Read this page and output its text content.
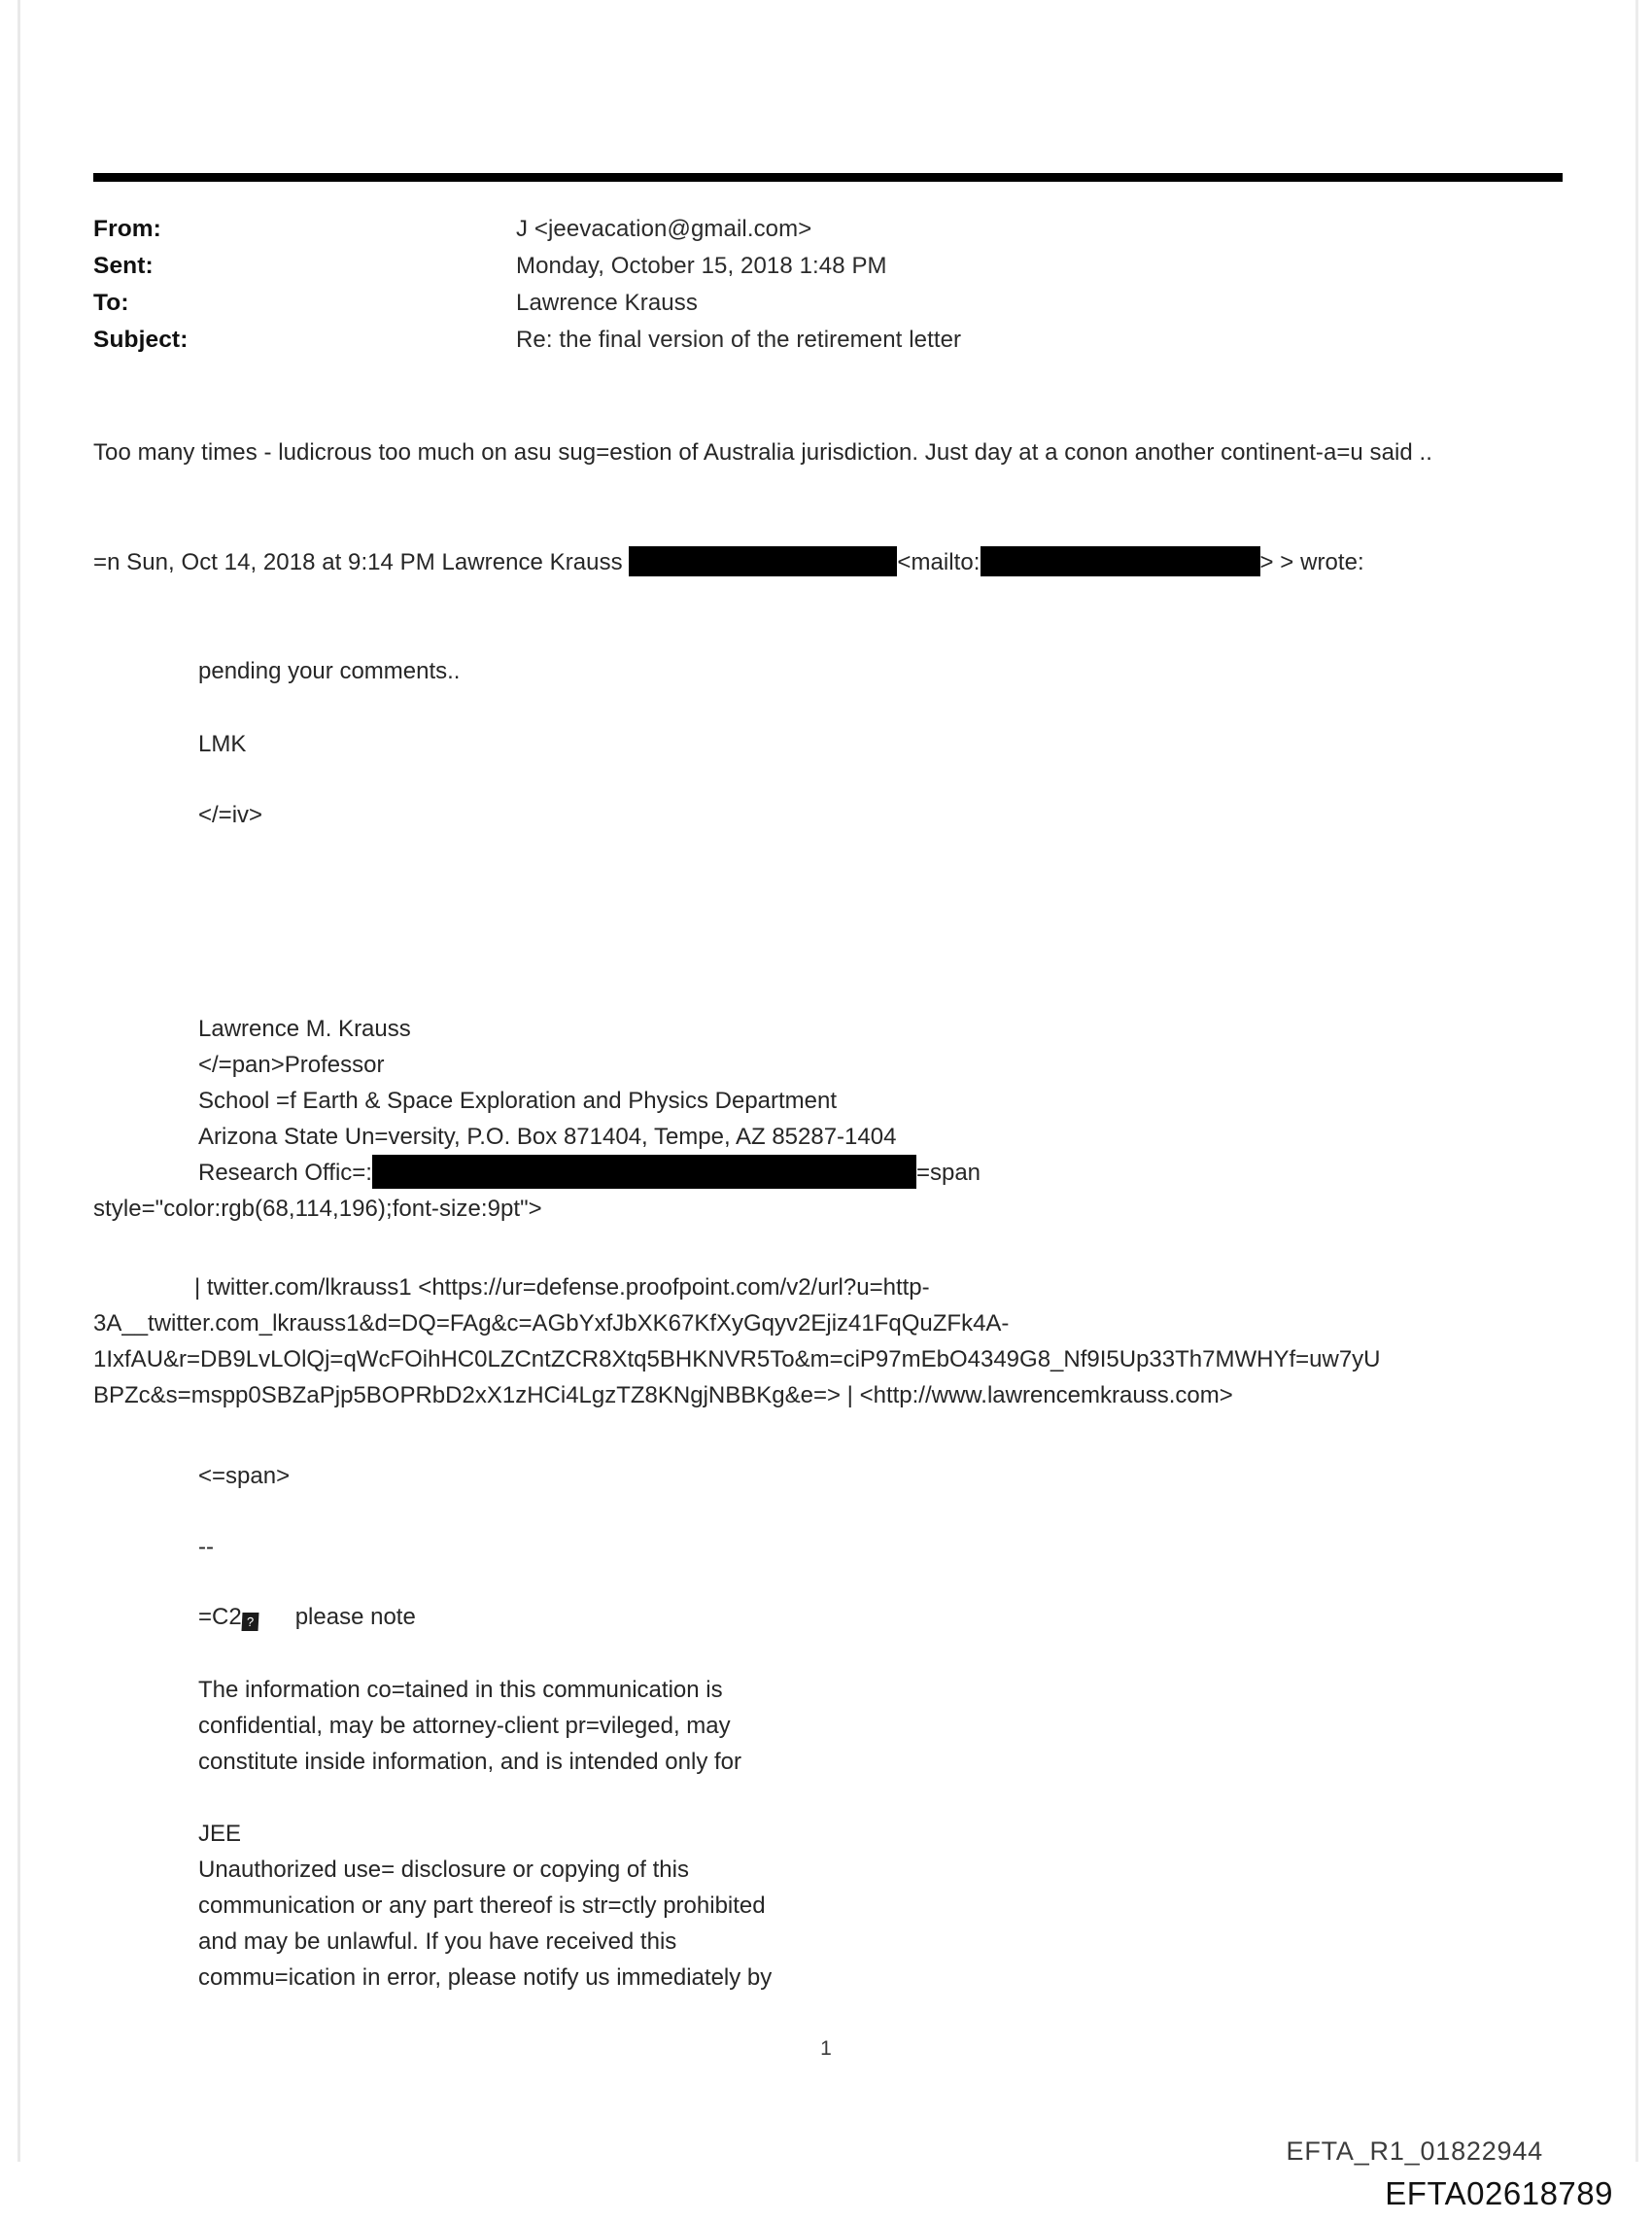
From:	J <jeevacation@gmail.com>
Sent:	Monday, October 15, 2018 1:48 PM
To:	Lawrence Krauss
Subject:	Re: the final version of the retirement letter
Too many times - ludicrous too much on asu sug=estion of Australia jurisdiction. Just day at a conon another continent-a=u said ..
=n Sun, Oct 14, 2018 at 9:14 PM Lawrence Krauss	<mailto:	> > wrote:
pending your comments..
LMK
</=iv>
Lawrence M. Krauss
</=pan>Professor
School =f Earth & Space Exploration and Physics Department
Arizona State Un=versity, P.O. Box 871404, Tempe, AZ 85287-1404
Research Offic=:	=span
style="color:rgb(68,114,196);font-size:9pt">
| twitter.com/lkrauss1 <https://ur=defense.proofpoint.com/v2/url?u=http-
3A__twitter.com_lkrauss1&d=DQ=FAg&c=AGbYxfJbXK67KfXyGqyv2Ejiz41FqQuZFk4A-
1IxfAU&r=DB9LvLOlQj=qWcFOihHC0LZCntZCR8Xtq5BHKNVR5To&m=ciP97mEbO4349G8_Nf9I5Up33Th7MWHYf=uw7yU
BPZc&s=mspp0SBZaPjp5BOPRbD2xX1zHCi4LgzTZ8KNgjNBBKg&e=> | <http://www.lawrencemkrauss.com>
<=span>
--
=C2 ? please note
The information co=tained in this communication is
confidential, may be attorney-client pr=vileged, may
constitute inside information, and is intended only for
JEE
Unauthorized use= disclosure or copying of this
communication or any part thereof is str=ctly prohibited
and may be unlawful. If you have received this
commu=ication in error, please notify us immediately by
1
EFTA_R1_01822944
EFTA02618789
